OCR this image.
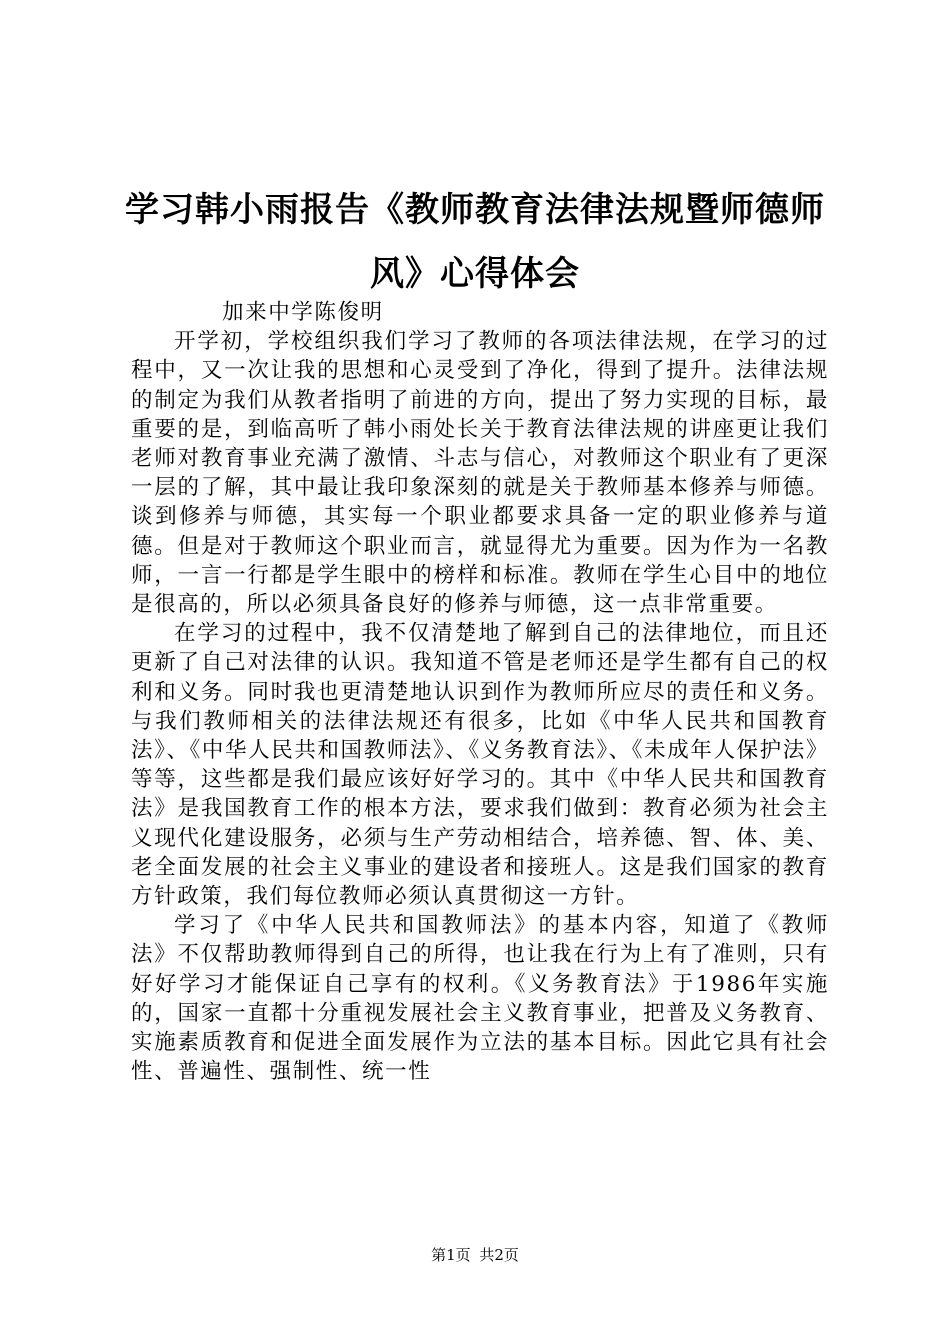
学习韩小雨报告《教师教育法律法规暨师德师风》心得体会

加来中学陈俊明

开学初，学校组织我们学习了教师的各项法律法规，在学习的过程中，又一次让我的思想和心灵受到了净化，得到了提升。法律法规的制定为我们从教者指明了前进的方向，提出了努力实现的目标，最重要的是，到临高听了韩小雨处长关于教育法律法规的讲座更让我们老师对教育事业充满了激情、斗志与信心，对教师这个职业有了更深一层的了解，其中最让我印象深刻的就是关于教师基本修养与师德。谈到修养与师德，其实每一个职业都要求具备一定的职业修养与道德。但是对于教师这个职业而言，就显得尤为重要。因为作为一名教师，一言一行都是学生眼中的榜样和标准。教师在学生心目中的地位是很高的，所以必须具备良好的修养与师德，这一点非常重要。

在学习的过程中，我不仅清楚地了解到自己的法律地位，而且还更新了自己对法律的认识。我知道不管是老师还是学生都有自己的权利和义务。同时我也更清楚地认识到作为教师所应尽的责任和义务。与我们教师相关的法律法规还有很多，比如《中华人民共和国教育法》、《中华人民共和国教师法》、《义务教育法》、《未成年人保护法》等等，这些都是我们最应该好好学习的。其中《中华人民共和国教育法》是我国教育工作的根本方法，要求我们做到：教育必须为社会主义现代化建设服务，必须与生产劳动相结合，培养德、智、体、美、老全面发展的社会主义事业的建设者和接班人。这是我们国家的教育方针政策，我们每位教师必须认真贯彻这一方针。

学习了《中华人民共和国教师法》的基本内容，知道了《教师法》不仅帮助教师得到自己的所得，也让我在行为上有了准则，只有好好学习才能保证自己享有的权利。《义务教育法》于1986年实施的，国家一直都十分重视发展社会主义教育事业，把普及义务教育、实施素质教育和促进全面发展作为立法的基本目标。因此它具有社会性、普遍性、强制性、统一性

第1页 共2页
